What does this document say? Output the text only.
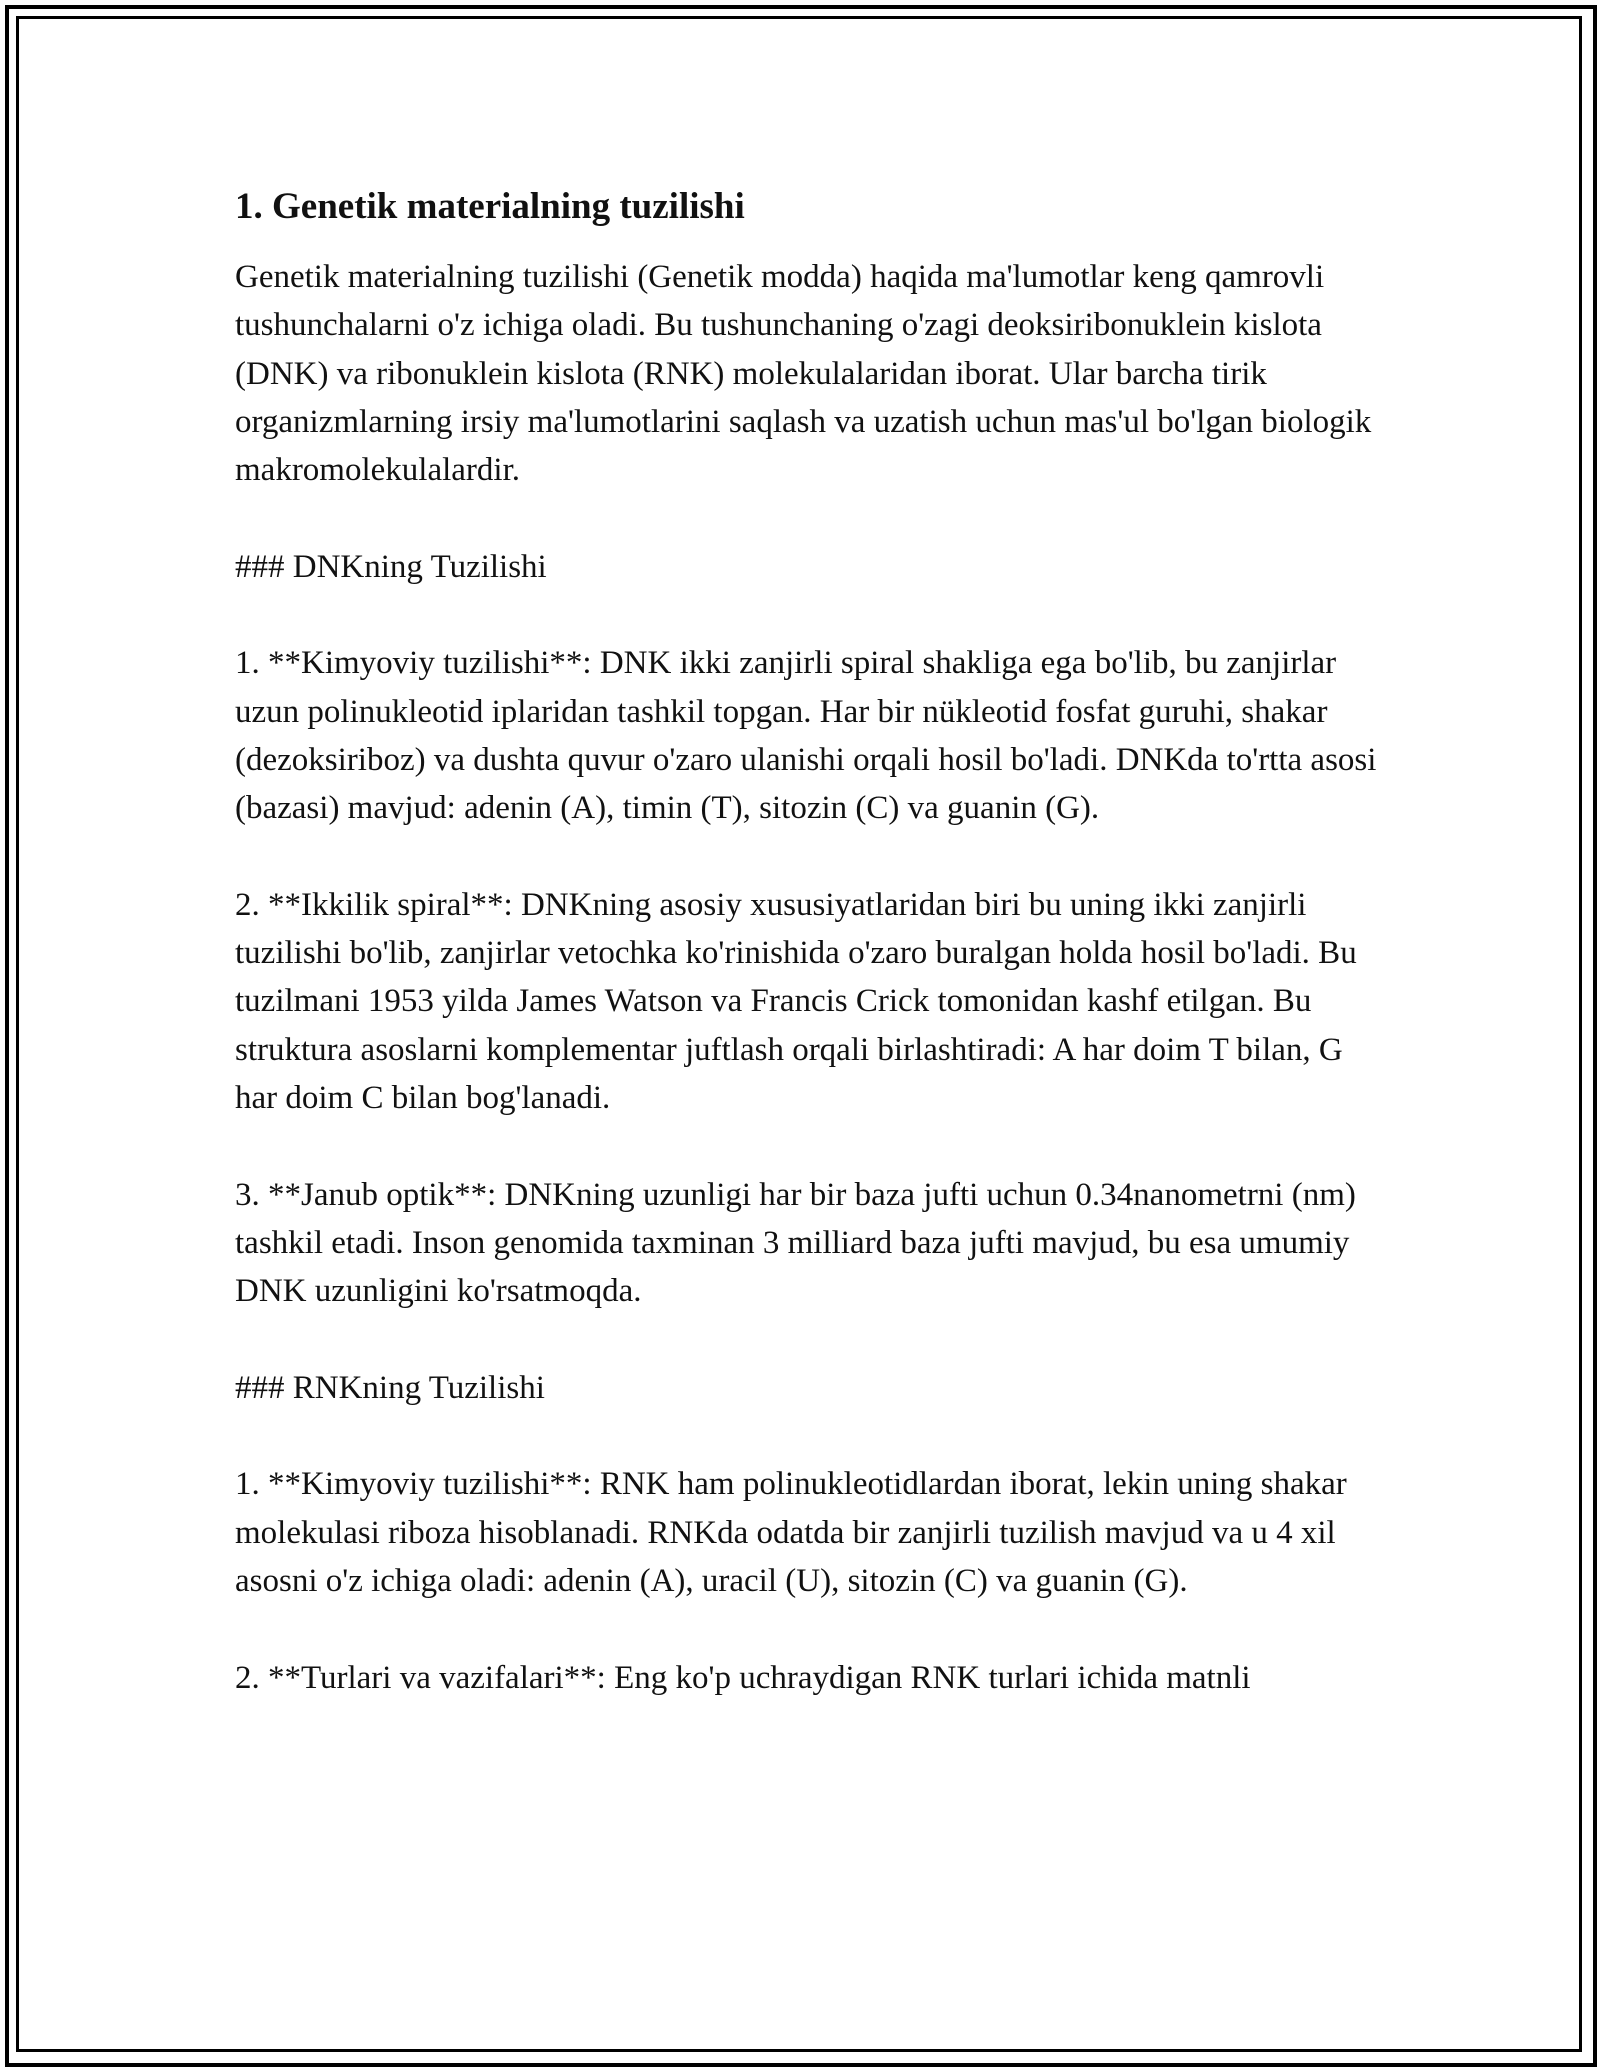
1. Genetik materialning tuzilishi

Genetik materialning tuzilishi (Genetik modda) haqida ma'lumotlar keng qamrovli tushunchalarni o'z ichiga oladi. Bu tushunchaning o'zagi deoksiribonuklein kislota (DNK) va ribonuklein kislota (RNK) molekulalaridan iborat. Ular barcha tirik organizmlarning irsiy ma'lumotlarini saqlash va uzatish uchun mas'ul bo'lgan biologik makromolekulalardir.

### DNKning Tuzilishi

1. **Kimyoviy tuzilishi**: DNK ikki zanjirli spiral shakliga ega bo'lib, bu zanjirlar uzun polinukleotid iplaridan tashkil topgan. Har bir nükleotid fosfat guruhi, shakar (dezoksiriboz) va dushta quvur o'zaro ulanishi orqali hosil bo'ladi. DNKda to'rtta asosi (bazasi) mavjud: adenin (A), timin (T), sitozin (C) va guanin (G).

2. **Ikkilik spiral**: DNKning asosiy xususiyatlaridan biri bu uning ikki zanjirli tuzilishi bo'lib, zanjirlar vetochka ko'rinishida o'zaro buralgan holda hosil bo'ladi. Bu tuzilmani 1953 yilda James Watson va Francis Crick tomonidan kashf etilgan. Bu struktura asoslarni komplementar juftlash orqali birlashtiradi: A har doim T bilan, G har doim C bilan bog'lanadi.

3. **Janub optik**: DNKning uzunligi har bir baza jufti uchun 0.34nanometrni (nm) tashkil etadi. Inson genomida taxminan 3 milliard baza jufti mavjud, bu esa umumiy DNK uzunligini ko'rsatmoqda.

### RNKning Tuzilishi

1. **Kimyoviy tuzilishi**: RNK ham polinukleotidlardan iborat, lekin uning shakar molekulasi riboza hisoblanadi. RNKda odatda bir zanjirli tuzilish mavjud va u 4 xil asosni o'z ichiga oladi: adenin (A), uracil (U), sitozin (C) va guanin (G).

2. **Turlari va vazifalari**: Eng ko'p uchraydigan RNK turlari ichida matnli
